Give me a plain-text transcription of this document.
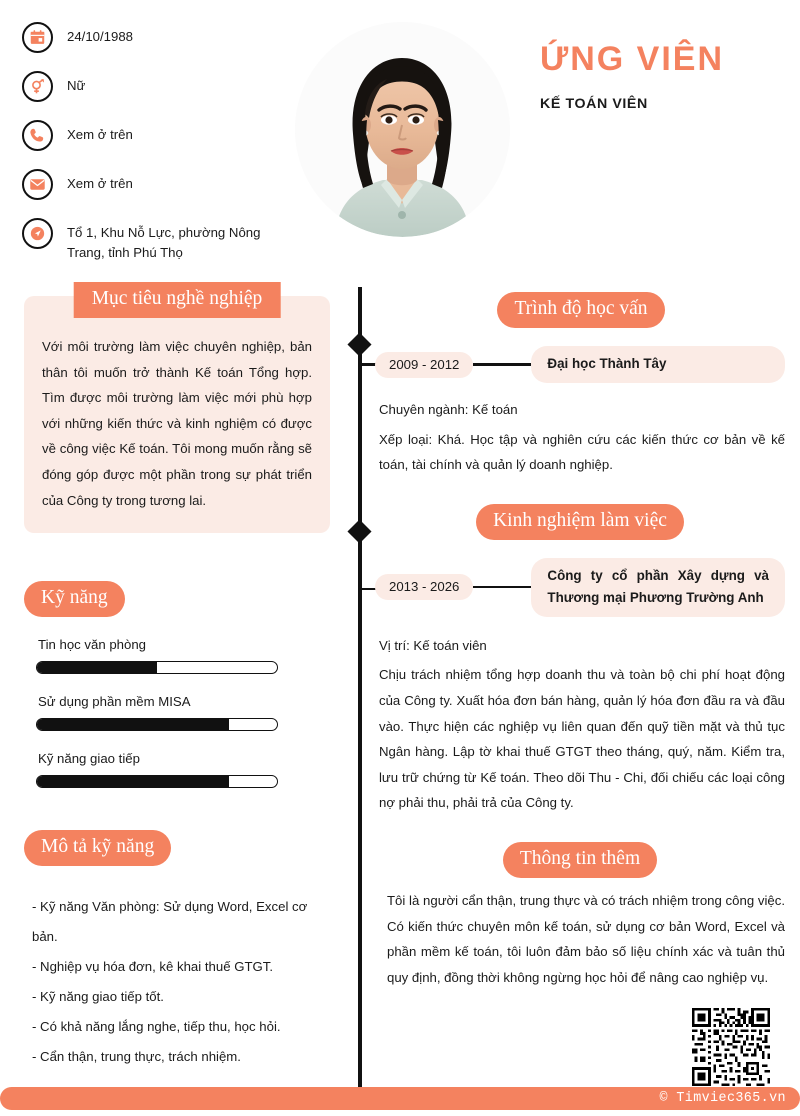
24/10/1988
Nữ
Xem ở trên
Xem ở trên
Tổ 1, Khu Nỗ Lực, phường Nông Trang, tỉnh Phú Thọ
ỨNG VIÊN
KẾ TOÁN VIÊN
Mục tiêu nghề nghiệp
Với môi trường làm việc chuyên nghiệp, bản thân tôi muốn trở thành Kế toán Tổng hợp. Tìm được môi trường làm việc mới phù hợp với những kiến thức và kinh nghiệm có được về công việc Kế toán. Tôi mong muốn rằng sẽ đóng góp được một phần trong sự phát triển của Công ty trong tương lai.
Kỹ năng
Tin học văn phòng
Sử dụng phần mềm MISA
Kỹ năng giao tiếp
Mô tả kỹ năng

- Kỹ năng Văn phòng: Sử dụng Word, Excel cơ bản.

- Nghiệp vụ hóa đơn, kê khai thuế GTGT.

- Kỹ năng giao tiếp tốt.

- Có khả năng lắng nghe, tiếp thu, học hỏi.

- Cẩn thận, trung thực, trách nhiệm.

Trình độ học vấn
2009 - 2012	Đại học Thành Tây
Chuyên ngành: Kế toán
Xếp loại: Khá. Học tập và nghiên cứu các kiến thức cơ bản về kế toán, tài chính và quản lý doanh nghiệp.
Kinh nghiệm làm việc
2013 - 2026
Công ty cổ phần Xây dựng và Thương mại Phương Trường Anh
Vị trí: Kế toán viên
Chịu trách nhiệm tổng hợp doanh thu và toàn bộ chi phí hoạt động của Công ty. Xuất hóa đơn bán hàng, quản lý hóa đơn đầu ra và đầu vào. Thực hiện các nghiệp vụ liên quan đến quỹ tiền mặt và thủ tục Ngân hàng. Lập tờ khai thuế GTGT theo tháng, quý, năm. Kiểm tra, lưu trữ chứng từ Kế toán. Theo dõi Thu - Chi, đối chiếu các loại công nợ phải thu, phải trả của Công ty.
Thông tin thêm
Tôi là người cẩn thận, trung thực và có trách nhiệm trong công việc. Có kiến thức chuyên môn kế toán, sử dụng cơ bản Word, Excel và phần mềm kế toán, tôi luôn đảm bảo số liệu chính xác và tuân thủ quy định, đồng thời không ngừng học hỏi để nâng cao nghiệp vụ.
© Timviec365.vn
